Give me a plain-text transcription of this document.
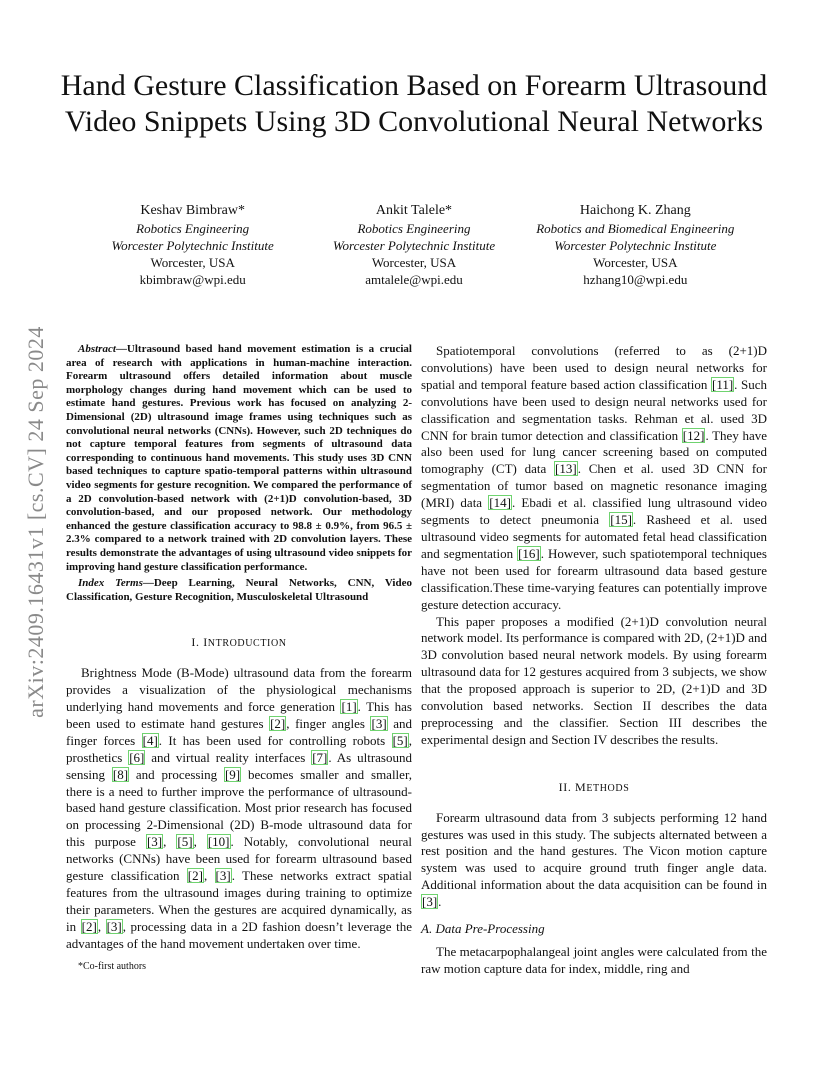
arXiv:2409.16431v1 [cs.CV] 24 Sep 2024
Hand Gesture Classification Based on Forearm Ultrasound Video Snippets Using 3D Convolutional Neural Networks
Keshav Bimbraw*
Robotics Engineering
Worcester Polytechnic Institute
Worcester, USA
kbimbraw@wpi.edu
Ankit Talele*
Robotics Engineering
Worcester Polytechnic Institute
Worcester, USA
amtalele@wpi.edu
Haichong K. Zhang
Robotics and Biomedical Engineering
Worcester Polytechnic Institute
Worcester, USA
hzhang10@wpi.edu

Abstract—Ultrasound based hand movement estimation is a crucial area of research with applications in human-machine interaction. Forearm ultrasound offers detailed information about muscle morphology changes during hand movement which can be used to estimate hand gestures. Previous work has focused on analyzing 2-Dimensional (2D) ultrasound image frames using techniques such as convolutional neural networks (CNNs). However, such 2D techniques do not capture temporal features from segments of ultrasound data corresponding to continuous hand movements. This study uses 3D CNN based techniques to capture spatio-temporal patterns within ultrasound video segments for gesture recognition. We compared the performance of a 2D convolution-based network with (2+1)D convolution-based, 3D convolution-based, and our proposed network. Our methodology enhanced the gesture classification accuracy to 98.8 ± 0.9%, from 96.5 ± 2.3% compared to a network trained with 2D convolution layers. These results demonstrate the advantages of using ultrasound video snippets for improving hand gesture classification performance.

Index Terms—Deep Learning, Neural Networks, CNN, Video Classification, Gesture Recognition, Musculoskeletal Ultrasound

I. INTRODUCTION

Brightness Mode (B-Mode) ultrasound data from the forearm provides a visualization of the physiological mechanisms underlying hand movements and force generation [1]. This has been used to estimate hand gestures [2], finger angles [3] and finger forces [4]. It has been used for controlling robots [5], prosthetics [6] and virtual reality interfaces [7]. As ultrasound sensing [8] and processing [9] becomes smaller and smaller, there is a need to further improve the performance of ultrasound-based hand gesture classification. Most prior research has focused on processing 2-Dimensional (2D) B-mode ultrasound data for this purpose [3], [5], [10]. Notably, convolutional neural networks (CNNs) have been used for forearm ultrasound based gesture classification [2], [3]. These networks extract spatial features from the ultrasound images during training to optimize their parameters. When the gestures are acquired dynamically, as in [2], [3], processing data in a 2D fashion doesn’t leverage the advantages of the hand movement undertaken over time.

Spatiotemporal convolutions (referred to as (2+1)D convolutions) have been used to design neural networks for spatial and temporal feature based action classification [11]. Such convolutions have been used to design neural networks used for classification and segmentation tasks. Rehman et al. used 3D CNN for brain tumor detection and classification [12]. They have also been used for lung cancer screening based on computed tomography (CT) data [13]. Chen et al. used 3D CNN for segmentation of tumor based on magnetic resonance imaging (MRI) data [14]. Ebadi et al. classified lung ultrasound video segments to detect pneumonia [15]. Rasheed et al. used ultrasound video segments for automated fetal head classification and segmentation [16]. However, such spatiotemporal techniques have not been used for forearm ultrasound data based gesture classification.These time-varying features can potentially improve gesture detection accuracy.

This paper proposes a modified (2+1)D convolution neural network model. Its performance is compared with 2D, (2+1)D and 3D convolution based neural network models. By using forearm ultrasound data for 12 gestures acquired from 3 subjects, we show that the proposed approach is superior to 2D, (2+1)D and 3D convolution based networks. Section II describes the data preprocessing and the classifier. Section III describes the experimental design and Section IV describes the results.

II. METHODS

Forearm ultrasound data from 3 subjects performing 12 hand gestures was used in this study. The subjects alternated between a rest position and the hand gestures. The Vicon motion capture system was used to acquire ground truth finger angle data. Additional information about the data acquisition can be found in [3].

A. Data Pre-Processing

The metacarpophalangeal joint angles were calculated from the raw motion capture data for index, middle, ring and

*Co-first authors
